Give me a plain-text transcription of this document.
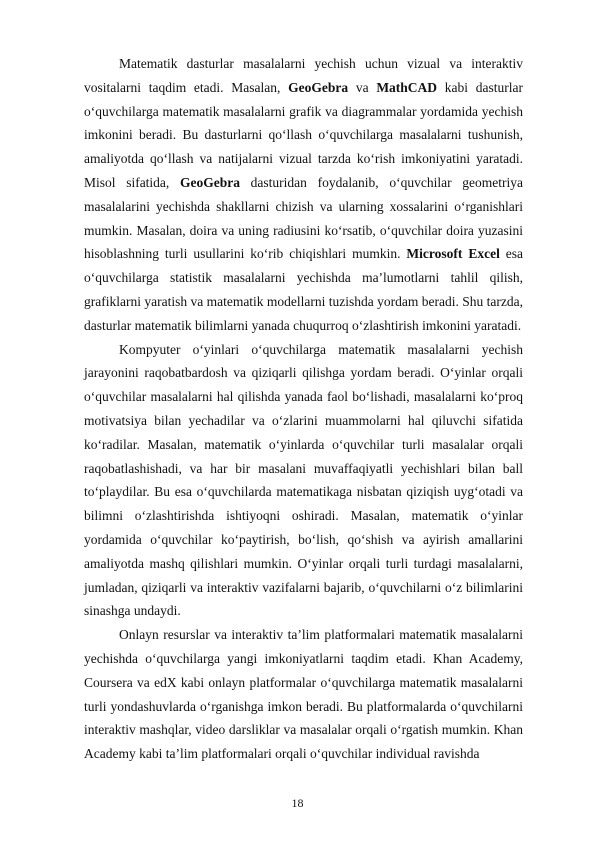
Matematik dasturlar masalalarni yechish uchun vizual va interaktiv vositalarni taqdim etadi. Masalan, GeoGebra va MathCAD kabi dasturlar o‘quvchilarga matematik masalalarni grafik va diagrammalar yordamida yechish imkonini beradi. Bu dasturlarni qo‘llash o‘quvchilarga masalalarni tushunish, amaliyotda qo‘llash va natijalarni vizual tarzda ko‘rish imkoniyatini yaratadi. Misol sifatida, GeoGebra dasturidan foydalanib, o‘quvchilar geometriya masalalarini yechishda shakllarni chizish va ularning xossalarini o‘rganishlari mumkin. Masalan, doira va uning radiusini ko‘rsatib, o‘quvchilar doira yuzasini hisoblashning turli usullarini ko‘rib chiqishlari mumkin. Microsoft Excel esa o‘quvchilarga statistik masalalarni yechishda ma’lumotlarni tahlil qilish, grafiklarni yaratish va matematik modellarni tuzishda yordam beradi. Shu tarzda, dasturlar matematik bilimlarni yanada chuqurroq o‘zlashtirish imkonini yaratadi.

Kompyuter o‘yinlari o‘quvchilarga matematik masalalarni yechish jarayonini raqobatbardosh va qiziqarli qilishga yordam beradi. O‘yinlar orqali o‘quvchilar masalalarni hal qilishda yanada faol bo‘lishadi, masalalarni ko‘proq motivatsiya bilan yechadilar va o‘zlarini muammolarni hal qiluvchi sifatida ko‘radilar. Masalan, matematik o‘yinlarda o‘quvchilar turli masalalar orqali raqobatlashishadi, va har bir masalani muvaffaqiyatli yechishlari bilan ball to‘playdilar. Bu esa o‘quvchilarda matematikaga nisbatan qiziqish uyg‘otadi va bilimni o‘zlashtirishda ishtiyoqni oshiradi. Masalan, matematik o‘yinlar yordamida o‘quvchilar ko‘paytirish, bo‘lish, qo‘shish va ayirish amallarini amaliyotda mashq qilishlari mumkin. O‘yinlar orqali turli turdagi masalalarni, jumladan, qiziqarli va interaktiv vazifalarni bajarib, o‘quvchilarni o‘z bilimlarini sinashga undaydi.

Onlayn resurslar va interaktiv ta’lim platformalari matematik masalalarni yechishda o‘quvchilarga yangi imkoniyatlarni taqdim etadi. Khan Academy, Coursera va edX kabi onlayn platformalar o‘quvchilarga matematik masalalarni turli yondashuvlarda o‘rganishga imkon beradi. Bu platformalarda o‘quvchilarni interaktiv mashqlar, video darsliklar va masalalar orqali o‘rgatish mumkin. Khan Academy kabi ta’lim platformalari orqali o‘quvchilar individual ravishda

18
